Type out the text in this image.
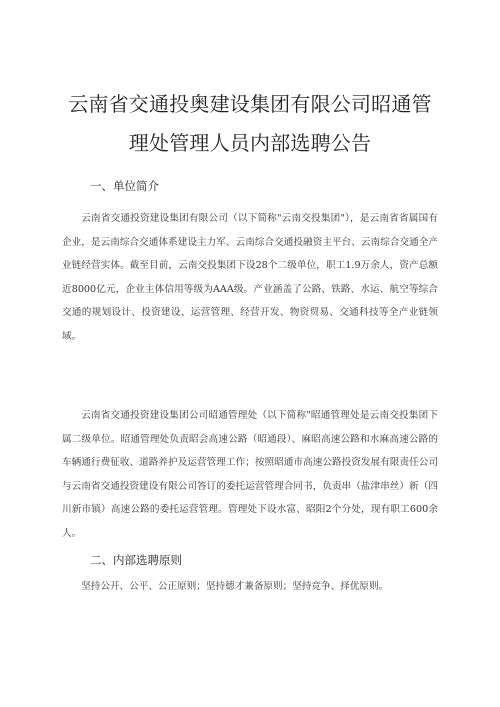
云南省交通投奥建设集团有限公司昭通管
理处管理人员内部选聘公告
一、单位简介

云南省交通投资建设集团有限公司（以下简称"云南交投集团"），是云南省省属国有企业，是云南综合交通体系建设主力军、云南综合交通投融资主平台、云南综合交通全产业链经营实体。截至目前，云南交投集团下设28个二级单位，职工1.9万余人，资产总额近8000亿元，企业主体信用等级为AAA级。产业涵盖了公路、铁路、水运、航空等综合交通的规划设计、投资建设、运营管理、经营开发、物资贸易、交通科技等全产业链领域。

云南省交通投资建设集团公司昭通管理处（以下简称"昭通管理处是云南交投集团下属二级单位。昭通管理处负责昭会高速公路（昭通段）、麻昭高速公路和水麻高速公路的车辆通行费征收、道路养护及运营管理工作；按照昭通市高速公路投资发展有限责任公司与云南省交通投资建设有限公司答订的委托运营管理合同书，负责串（盐津串丝）新（四川新市镇）高速公路的委托运营管理。管理处下设水富、昭阳2个分处，现有职工600余人。

二、内部选聘原则

坚持公开、公平、公正原则；坚持德才兼备原则；坚持竞争、择优原则。
